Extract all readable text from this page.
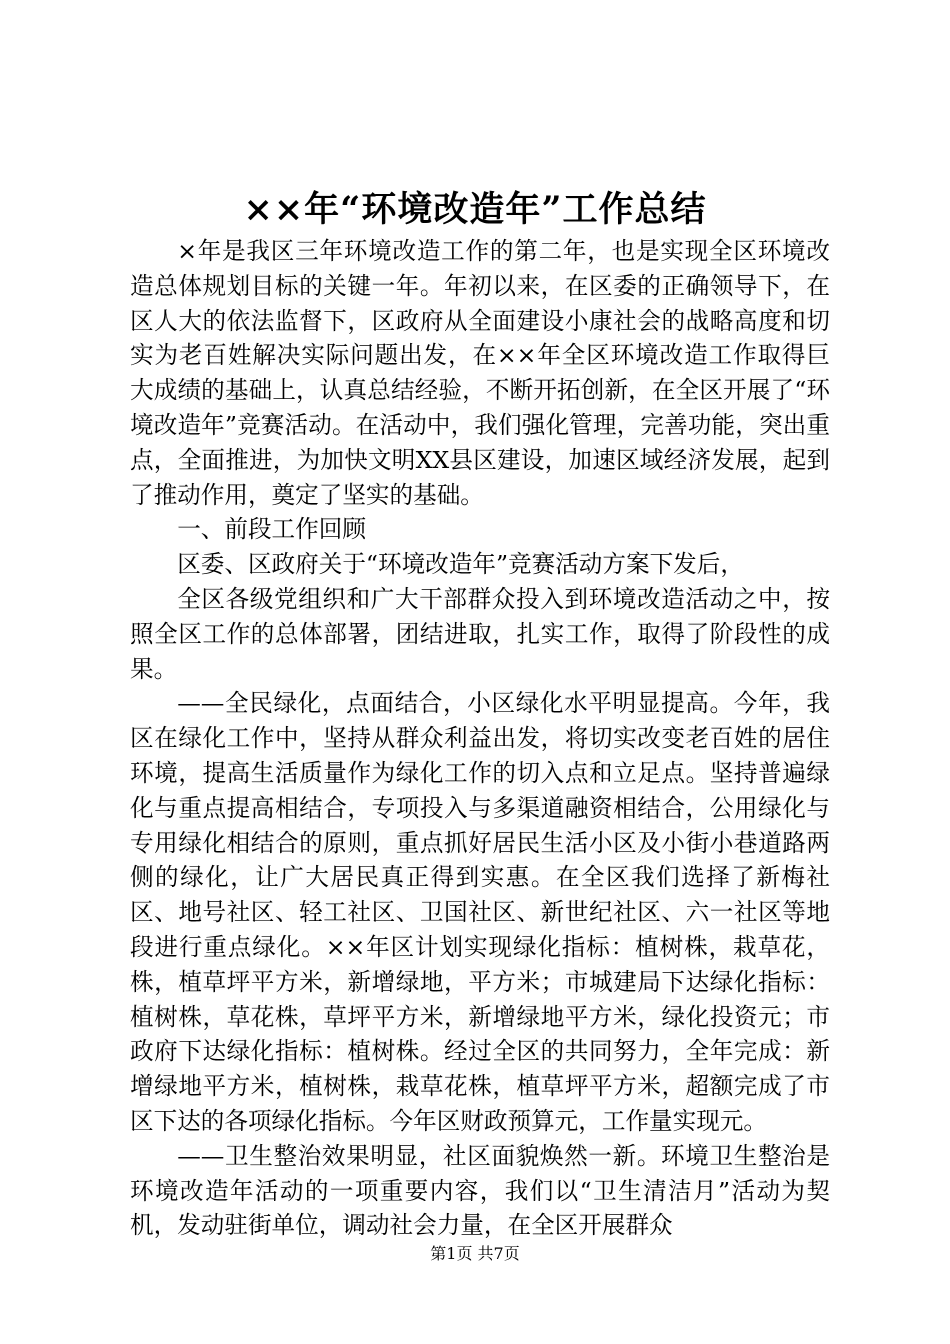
××年“环境改造年”工作总结

×年是我区三年环境改造工作的第二年，也是实现全区环境改造总体规划目标的关键一年。年初以来，在区委的正确领导下，在区人大的依法监督下，区政府从全面建设小康社会的战略高度和切实为老百姓解决实际问题出发，在××年全区环境改造工作取得巨大成绩的基础上，认真总结经验，不断开拓创新，在全区开展了“环境改造年”竞赛活动。在活动中，我们强化管理，完善功能，突出重点，全面推进，为加快文明XX县区建设，加速区域经济发展，起到了推动作用，奠定了坚实的基础。

一、前段工作回顾

区委、区政府关于“环境改造年”竞赛活动方案下发后，

全区各级党组织和广大干部群众投入到环境改造活动之中，按照全区工作的总体部署，团结进取，扎实工作，取得了阶段性的成果。

——全民绿化，点面结合，小区绿化水平明显提高。今年，我区在绿化工作中，坚持从群众利益出发，将切实改变老百姓的居住环境，提高生活质量作为绿化工作的切入点和立足点。坚持普遍绿化与重点提高相结合，专项投入与多渠道融资相结合，公用绿化与专用绿化相结合的原则，重点抓好居民生活小区及小街小巷道路两侧的绿化，让广大居民真正得到实惠。在全区我们选择了新梅社区、地号社区、轻工社区、卫国社区、新世纪社区、六一社区等地段进行重点绿化。××年区计划实现绿化指标：植树株，栽草花，株，植草坪平方米，新增绿地，平方米；市城建局下达绿化指标：植树株，草花株，草坪平方米，新增绿地平方米，绿化投资元；市政府下达绿化指标：植树株。经过全区的共同努力，全年完成：新增绿地平方米，植树株，栽草花株，植草坪平方米，超额完成了市区下达的各项绿化指标。今年区财政预算元，工作量实现元。

——卫生整治效果明显，社区面貌焕然一新。环境卫生整治是环境改造年活动的一项重要内容，我们以“卫生清洁月”活动为契机，发动驻街单位，调动社会力量，在全区开展群众

第1页 共7页
